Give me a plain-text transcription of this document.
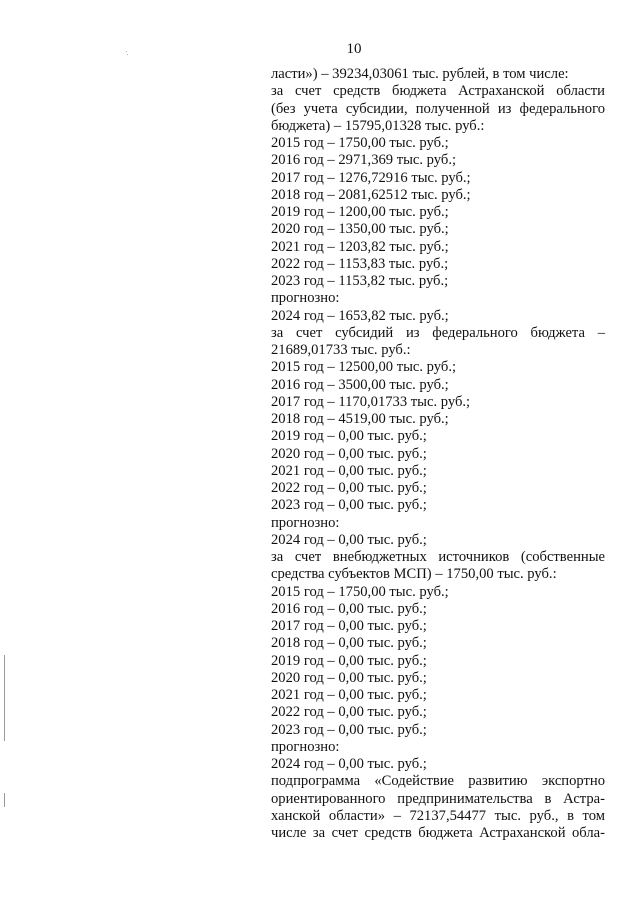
10
ласти») – 39234,03061 тыс. рублей, в том числе:
за счет средств бюджета Астраханской области
(без учета субсидии, полученной из федерального
бюджета) – 15795,01328 тыс. руб.:
2015 год – 1750,00 тыс. руб.;
2016 год – 2971,369 тыс. руб.;
2017 год – 1276,72916 тыс. руб.;
2018 год – 2081,62512 тыс. руб.;
2019 год – 1200,00 тыс. руб.;
2020 год – 1350,00 тыс. руб.;
2021 год – 1203,82 тыс. руб.;
2022 год – 1153,83 тыс. руб.;
2023 год – 1153,82 тыс. руб.;
прогнозно:
2024 год – 1653,82 тыс. руб.;
за счет субсидий из федерального бюджета –
21689,01733 тыс. руб.:
2015 год – 12500,00 тыс. руб.;
2016 год – 3500,00 тыс. руб.;
2017 год – 1170,01733 тыс. руб.;
2018 год – 4519,00 тыс. руб.;
2019 год – 0,00 тыс. руб.;
2020 год – 0,00 тыс. руб.;
2021 год – 0,00 тыс. руб.;
2022 год – 0,00 тыс. руб.;
2023 год – 0,00 тыс. руб.;
прогнозно:
2024 год – 0,00 тыс. руб.;
за счет внебюджетных источников (собственные
средства субъектов МСП) – 1750,00 тыс. руб.:
2015 год – 1750,00 тыс. руб.;
2016 год – 0,00 тыс. руб.;
2017 год – 0,00 тыс. руб.;
2018 год – 0,00 тыс. руб.;
2019 год – 0,00 тыс. руб.;
2020 год – 0,00 тыс. руб.;
2021 год – 0,00 тыс. руб.;
2022 год – 0,00 тыс. руб.;
2023 год – 0,00 тыс. руб.;
прогнозно:
2024 год – 0,00 тыс. руб.;
подпрограмма «Содействие развитию экспортно
ориентированного предпринимательства в Астра-
ханской области» – 72137,54477 тыс. руб., в том
числе за счет средств бюджета Астраханской обла-
